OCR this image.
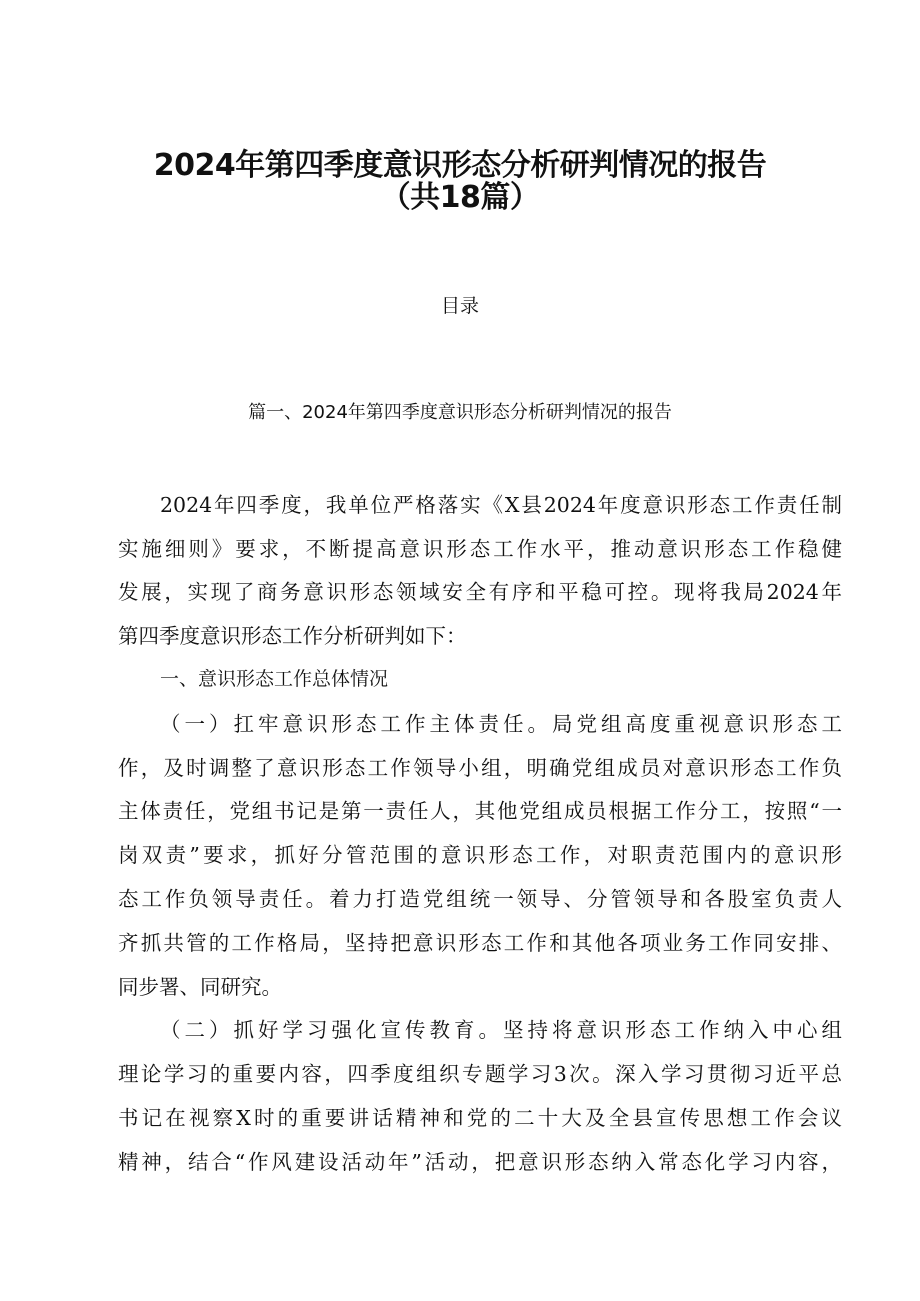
2024年第四季度意识形态分析研判情况的报告
（共18篇）
目录
篇一、2024年第四季度意识形态分析研判情况的报告
2024年四季度，我单位严格落实《X县2024年度意识形态工作责任制
实施细则》要求，不断提高意识形态工作水平，推动意识形态工作稳健
发展，实现了商务意识形态领域安全有序和平稳可控。现将我局2024年
第四季度意识形态工作分析研判如下：
一、意识形态工作总体情况
（一）扛牢意识形态工作主体责任。局党组高度重视意识形态工
作，及时调整了意识形态工作领导小组，明确党组成员对意识形态工作负
主体责任，党组书记是第一责任人，其他党组成员根据工作分工，按照“一
岗双责”要求，抓好分管范围的意识形态工作，对职责范围内的意识形
态工作负领导责任。着力打造党组统一领导、分管领导和各股室负责人
齐抓共管的工作格局，坚持把意识形态工作和其他各项业务工作同安排、
同步署、同研究。
（二）抓好学习强化宣传教育。坚持将意识形态工作纳入中心组
理论学习的重要内容，四季度组织专题学习3次。深入学习贯彻习近平总
书记在视察X时的重要讲话精神和党的二十大及全县宣传思想工作会议
精神，结合“作风建设活动年”活动，把意识形态纳入常态化学习内容，
